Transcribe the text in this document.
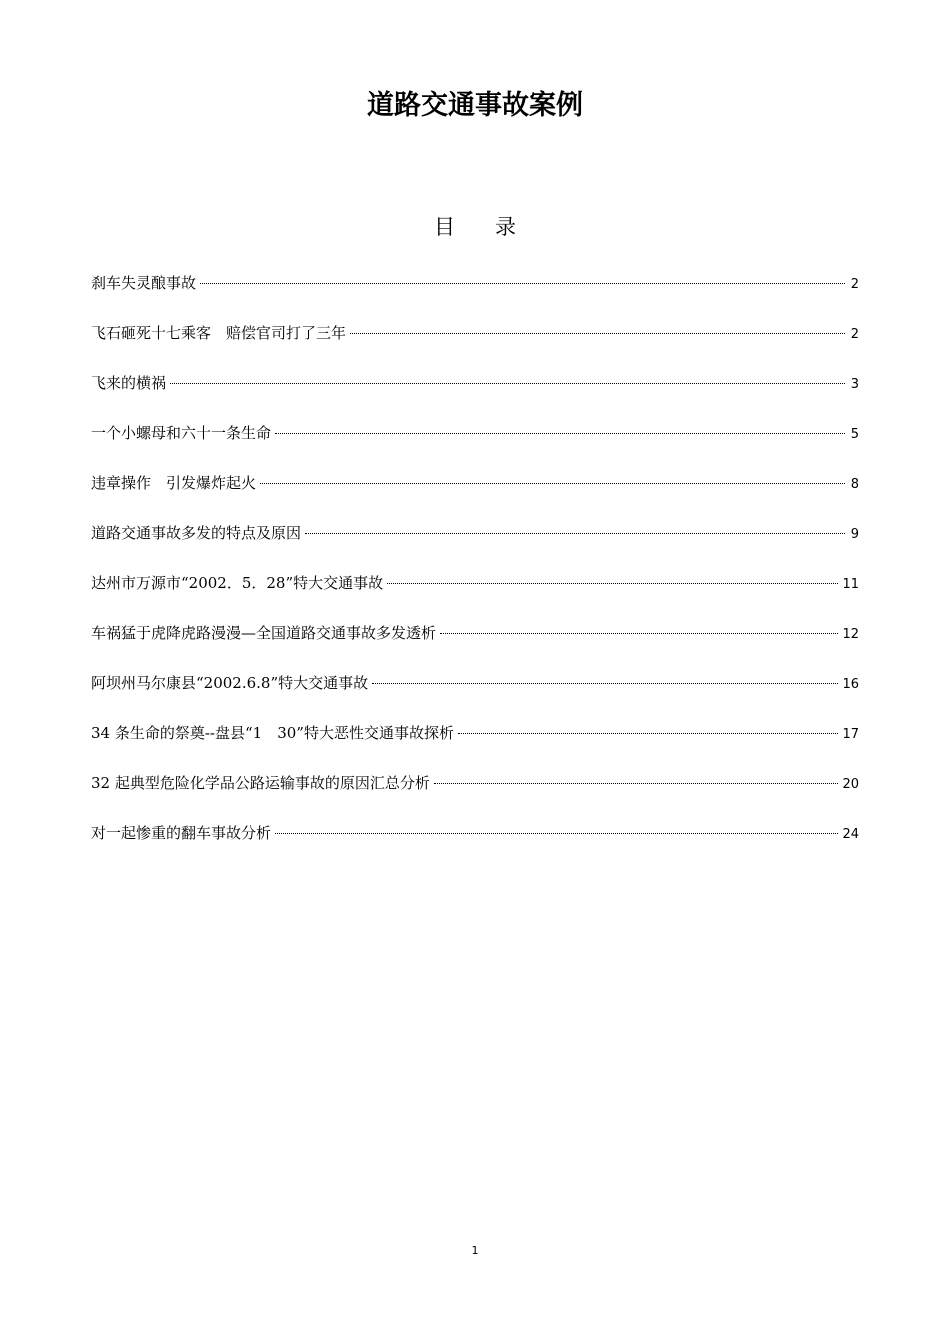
道路交通事故案例
目录
刹车失灵酿事故	2
飞石砸死十七乘客　赔偿官司打了三年	2
飞来的横祸	3
一个小螺母和六十一条生命	5
违章操作　引发爆炸起火	8
道路交通事故多发的特点及原因	9
达州市万源市“2002．5．28”特大交通事故	11
车祸猛于虎降虎路漫漫—全国道路交通事故多发透析	12
阿坝州马尔康县“2002.6.8”特大交通事故	16
34 条生命的祭奠--盘县“1　30”特大恶性交通事故探析	17
32 起典型危险化学品公路运输事故的原因汇总分析	20
对一起惨重的翻车事故分析	24
1
